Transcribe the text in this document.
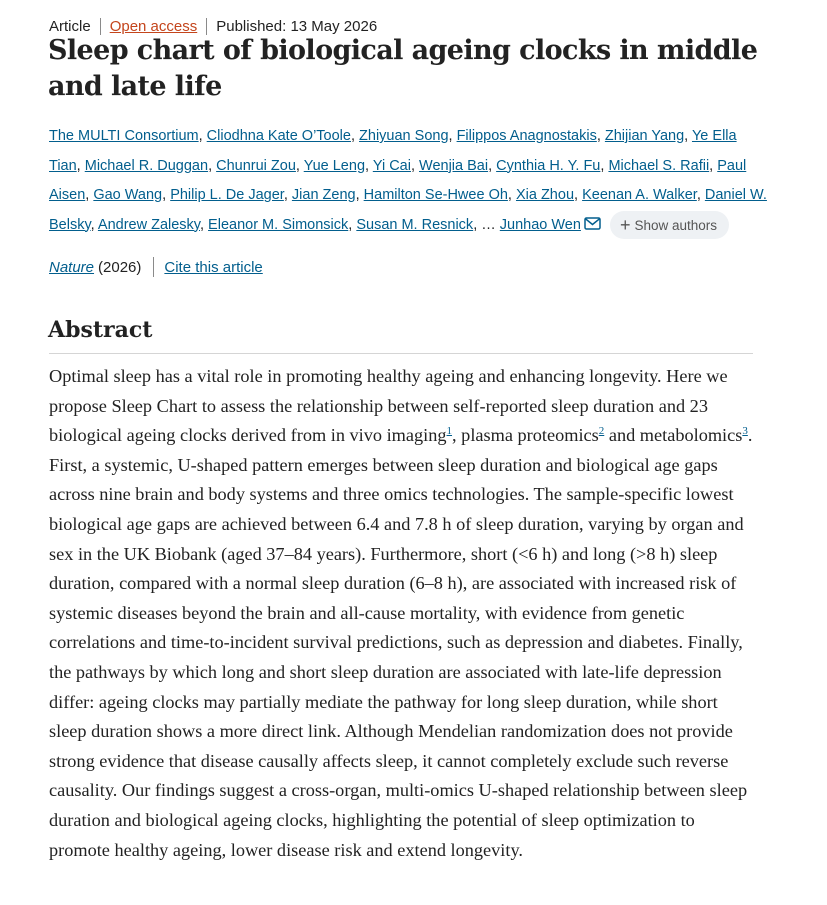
Article Open access Published: 13 May 2026
Sleep chart of biological ageing clocks in middle and late life
The MULTI Consortium, Cliodhna Kate O’Toole, Zhiyuan Song, Filippos Anagnostakis, Zhijian Yang, Ye Ella Tian, Michael R. Duggan, Chunrui Zou, Yue Leng, Yi Cai, Wenjia Bai, Cynthia H. Y. Fu, Michael S. Rafii, Paul Aisen, Gao Wang, Philip L. De Jager, Jian Zeng, Hamilton Se-Hwee Oh, Xia Zhou, Keenan A. Walker, Daniel W. Belsky, Andrew Zalesky, Eleanor M. Simonsick, Susan M. Resnick, … Junhao Wen + Show authors
Nature (2026) Cite this article
Abstract

Optimal sleep has a vital role in promoting healthy ageing and enhancing longevity. Here we propose Sleep Chart to assess the relationship between self-reported sleep duration and 23 biological ageing clocks derived from in vivo imaging$^1$, plasma proteomics$^2$ and metabolomics$^3$. First, a systemic, U-shaped pattern emerges between sleep duration and biological age gaps across nine brain and body systems and three omics technologies. The sample-specific lowest biological age gaps are achieved between 6.4 and 7.8 h of sleep duration, varying by organ and sex in the UK Biobank (aged 37–84 years). Furthermore, short (<6 h) and long (>8 h) sleep duration, compared with a normal sleep duration (6–8 h), are associated with increased risk of systemic diseases beyond the brain and all-cause mortality, with evidence from genetic correlations and time-to-incident survival predictions, such as depression and diabetes. Finally, the pathways by which long and short sleep duration are associated with late-life depression differ: ageing clocks may partially mediate the pathway for long sleep duration, while short sleep duration shows a more direct link. Although Mendelian randomization does not provide strong evidence that disease causally affects sleep, it cannot completely exclude such reverse causality. Our findings suggest a cross-organ, multi-omics U-shaped relationship between sleep duration and biological ageing clocks, highlighting the potential of sleep optimization to promote healthy ageing, lower disease risk and extend longevity.
